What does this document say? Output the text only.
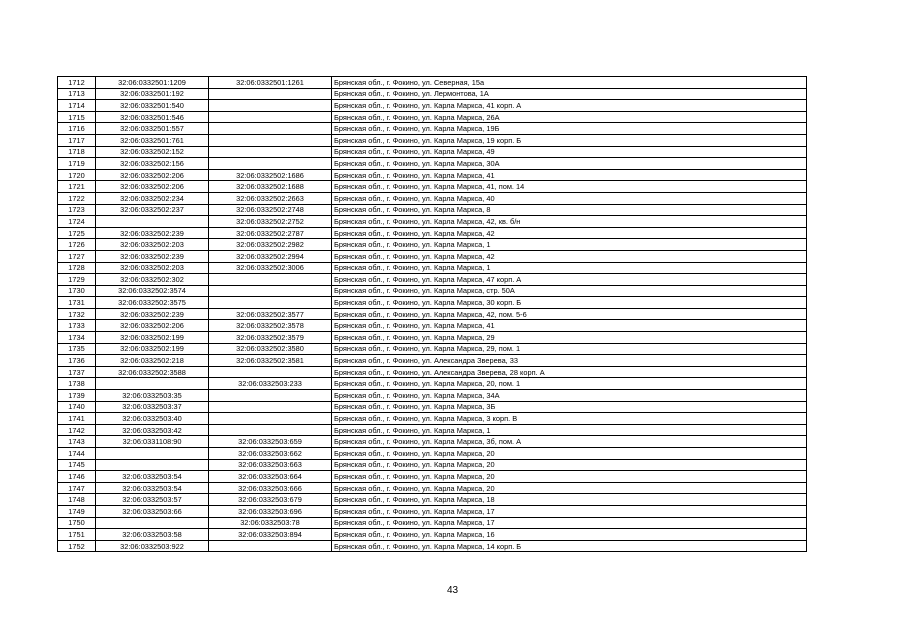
1712	32:06:0332501:1209	32:06:0332501:1261	Брянская обл., г. Фокино, ул. Северная, 15а
1713	32:06:0332501:192		Брянская обл., г. Фокино, ул. Лермонтова, 1А
1714	32:06:0332501:540		Брянская обл., г. Фокино, ул. Карла Маркса, 41 корп. А
1715	32:06:0332501:546		Брянская обл., г. Фокино, ул. Карла Маркса, 26А
1716	32:06:0332501:557		Брянская обл., г. Фокино, ул. Карла Маркса, 19Б
1717	32:06:0332501:761		Брянская обл., г. Фокино, ул. Карла Маркса, 19 корп. Б
1718	32:06:0332502:152		Брянская обл., г. Фокино, ул. Карла Маркса, 49
1719	32:06:0332502:156		Брянская обл., г. Фокино, ул. Карла Маркса, 30А
1720	32:06:0332502:206	32:06:0332502:1686	Брянская обл., г. Фокино, ул. Карла Маркса, 41
1721	32:06:0332502:206	32:06:0332502:1688	Брянская обл., г. Фокино, ул. Карла Маркса, 41, пом. 14
1722	32:06:0332502:234	32:06:0332502:2663	Брянская обл., г. Фокино, ул. Карла Маркса, 40
1723	32:06:0332502:237	32:06:0332502:2748	Брянская обл., г. Фокино, ул. Карла Маркса, 8
1724		32:06:0332502:2752	Брянская обл., г. Фокино, ул. Карла Маркса, 42, кв. б/н
1725	32:06:0332502:239	32:06:0332502:2787	Брянская обл., г. Фокино, ул. Карла Маркса, 42
1726	32:06:0332502:203	32:06:0332502:2982	Брянская обл., г. Фокино, ул. Карла Маркса, 1
1727	32:06:0332502:239	32:06:0332502:2994	Брянская обл., г. Фокино, ул. Карла Маркса, 42
1728	32:06:0332502:203	32:06:0332502:3006	Брянская обл., г. Фокино, ул. Карла Маркса, 1
1729	32:06:0332502:302		Брянская обл., г. Фокино, ул. Карла Маркса, 47 корп. А
1730	32:06:0332502:3574		Брянская обл., г. Фокино, ул. Карла Маркса, стр. 50А
1731	32:06:0332502:3575		Брянская обл., г. Фокино, ул. Карла Маркса, 30 корп. Б
1732	32:06:0332502:239	32:06:0332502:3577	Брянская обл., г. Фокино, ул. Карла Маркса, 42, пом. 5-6
1733	32:06:0332502:206	32:06:0332502:3578	Брянская обл., г. Фокино, ул. Карла Маркса, 41
1734	32:06:0332502:199	32:06:0332502:3579	Брянская обл., г. Фокино, ул. Карла Маркса, 29
1735	32:06:0332502:199	32:06:0332502:3580	Брянская обл., г. Фокино, ул. Карла Маркса, 29, пом. 1
1736	32:06:0332502:218	32:06:0332502:3581	Брянская обл., г. Фокино, ул. Александра Зверева, 33
1737	32:06:0332502:3588		Брянская обл., г. Фокино, ул. Александра Зверева, 28 корп. А
1738		32:06:0332503:233	Брянская обл., г. Фокино, ул. Карла Маркса, 20, пом. 1
1739	32:06:0332503:35		Брянская обл., г. Фокино, ул. Карла Маркса, 34А
1740	32:06:0332503:37		Брянская обл., г. Фокино, ул. Карла Маркса, 3Б
1741	32:06:0332503:40		Брянская обл., г. Фокино, ул. Карла Маркса, 3 корп. В
1742	32:06:0332503:42		Брянская обл., г. Фокино, ул. Карла Маркса, 1
1743	32:06:0331108:90	32:06:0332503:659	Брянская обл., г. Фокино, ул. Карла Маркса, 3б, пом. А
1744		32:06:0332503:662	Брянская обл., г. Фокино, ул. Карла Маркса, 20
1745		32:06:0332503:663	Брянская обл., г. Фокино, ул. Карла Маркса, 20
1746	32:06:0332503:54	32:06:0332503:664	Брянская обл., г. Фокино, ул. Карла Маркса, 20
1747	32:06:0332503:54	32:06:0332503:666	Брянская обл., г. Фокино, ул. Карла Маркса, 20
1748	32:06:0332503:57	32:06:0332503:679	Брянская обл., г. Фокино, ул. Карла Маркса, 18
1749	32:06:0332503:66	32:06:0332503:696	Брянская обл., г. Фокино, ул. Карла Маркса, 17
1750		32:06:0332503:78	Брянская обл., г. Фокино, ул. Карла Маркса, 17
1751	32:06:0332503:58	32:06:0332503:894	Брянская обл., г. Фокино, ул. Карла Маркса, 16
1752	32:06:0332503:922		Брянская обл., г. Фокино, ул. Карла Маркса, 14 корп. Б
43
